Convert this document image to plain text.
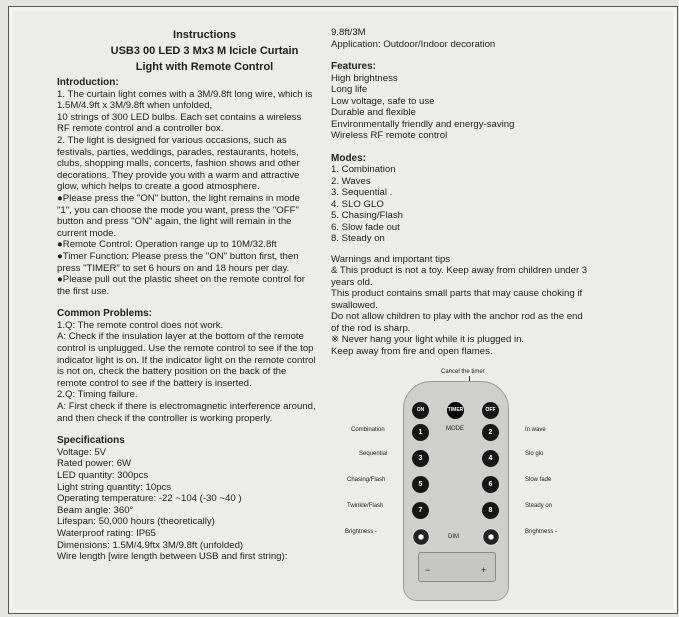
Instructions
USB3 00 LED 3 Mx3 M Icicle Curtain
Light with Remote Control
Introduction:

1. The curtain light comes with a 3M/9.8ft long wire, which is

1.5M/4.9ft x 3M/9.8ft when unfolded,

10 strings of 300 LED bulbs. Each set contains a wireless

RF remote control and a controller box.

2. The light is designed for various occasions, such as

festivals, parties, weddings, parades, restaurants, hotels,

clubs, shopping malls, concerts, fashion shows and other

decorations. They provide you with a warm and attractive

glow, which helps to create a good atmosphere.

●Please press the "ON" button, the light remains in mode

"1", you can choose the mode you want, press the "OFF"

button and press "ON" again, the light will remain in the

current mode.

●Remote Control: Operation range up to 10M/32.8ft

●Timer Function: Please press the "ON" button first, then

press "TIMER" to set 6 hours on and 18 hours per day.

●Please pull out the plastic sheet on the remote control for

the first use.

Common Problems:

1.Q: The remote control does not work.

A: Check if the insulation layer at the bottom of the remote

control is unplugged. Use the remote control to see if the top

indicator light is on. If the indicator light on the remote control

is not on, check the battery position on the back of the

remote control to see if the battery is inserted.

2.Q: Timing failure.

A: First check if there is electromagnetic interference around,

and then check if the controller is working properly.

Specifications

Voltage: 5V

Rated power: 6W

LED quantity: 300pcs

Light string quantity: 10pcs

Operating temperature: -22 ~104 (-30 ~40 )

Beam angle: 360°

Lifespan: 50,000 hours (theoretically)

Waterproof rating: IP65

Dimensions: 1.5M/4.9ftx 3M/9.8ft (unfolded)

Wire length [wire length between USB and first string):

9.8ft/3M

Application: Outdoor/Indoor decoration

Features:

High brightness

Long life

Low voltage, safe to use

Durable and flexible

Environmentally friendly and energy-saving

Wireless RF remote control

Modes:

1. Combination

2. Waves

3. Sequential .

4. SLO GLO

5. Chasing/Flash

6. Slow fade out

8. Steady on

Warnings and important tips

& This product is not a toy. Keep away from children under 3

years old.

This product contains small parts that may cause choking if

swallowed.

Do not allow children to play with the anchor rod as the end

of the rod is sharp.

※ Never hang your light while it is plugged in.

Keep away from fire and open flames.

Cancel the timer
ON	TIMER	OFF
MODE
1	2
3	4
5	6
7	8
DIM
−	+
Combination
Sequential
Chasing/Flash
Twinkle/Flash
Brightness -
In wave
Slo glo
Slow fade
Steady on
Brightness -
